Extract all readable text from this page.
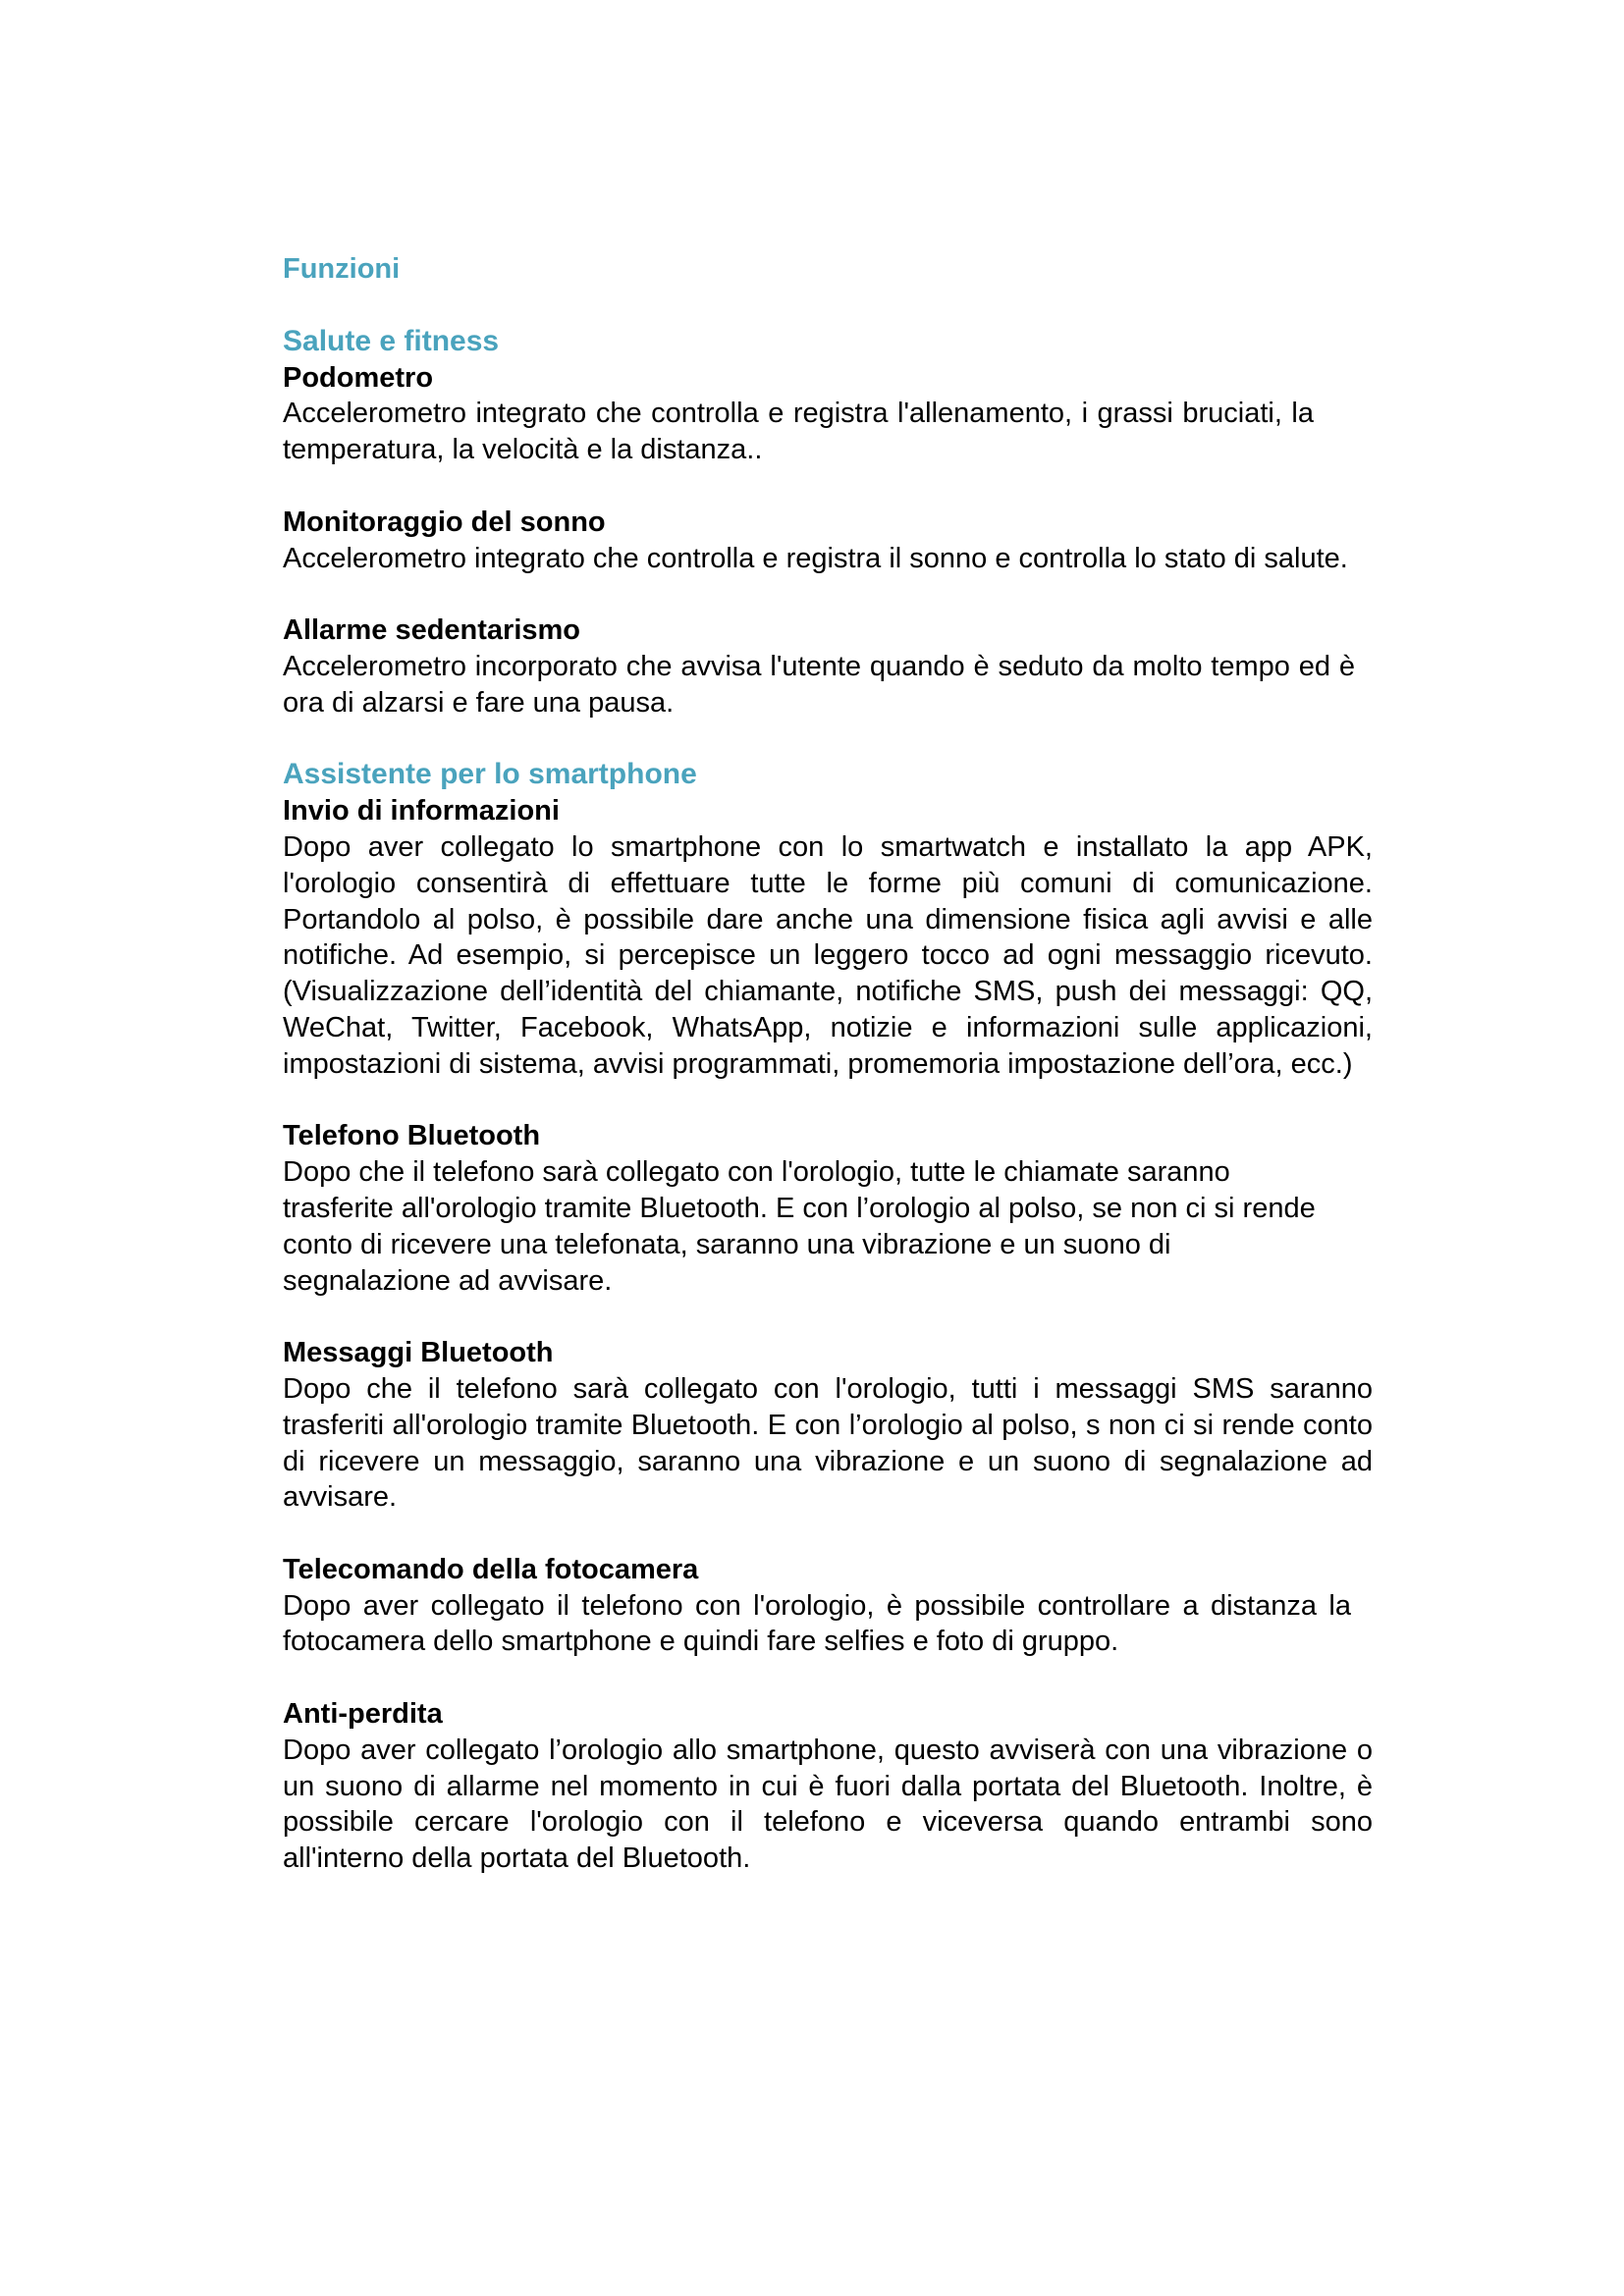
Funzioni
Salute e fitness

Podometro

Accelerometro integrato che controlla e registra l'allenamento, i grassi bruciati, la temperatura, la velocità e la distanza..

Monitoraggio del sonno

Accelerometro integrato che controlla e registra il sonno e controlla lo stato di salute.

Allarme sedentarismo

Accelerometro incorporato che avvisa l'utente quando è seduto da molto tempo ed è ora di alzarsi e fare una pausa.

Assistente per lo smartphone

Invio di informazioni

Dopo aver collegato lo smartphone con lo smartwatch e installato la app APK, l'orologio consentirà di effettuare tutte le forme più comuni di comunicazione. Portandolo al polso, è possibile dare anche una dimensione fisica agli avvisi e alle notifiche. Ad esempio, si percepisce un leggero tocco ad ogni messaggio ricevuto. (Visualizzazione dell’identità del chiamante, notifiche SMS, push dei messaggi: QQ, WeChat, Twitter, Facebook, WhatsApp, notizie e informazioni sulle applicazioni, impostazioni di sistema, avvisi programmati, promemoria impostazione dell’ora, ecc.)

Telefono Bluetooth

Dopo che il telefono sarà collegato con l'orologio, tutte le chiamate saranno trasferite all'orologio tramite Bluetooth. E con l’orologio al polso, se non ci si rende conto di ricevere una telefonata, saranno una vibrazione e un suono di segnalazione ad avvisare.

Messaggi Bluetooth

Dopo che il telefono sarà collegato con l'orologio, tutti i messaggi SMS saranno trasferiti all'orologio tramite Bluetooth. E con l’orologio al polso, s non ci si rende conto di ricevere un messaggio, saranno una vibrazione e un suono di segnalazione ad avvisare.

Telecomando della fotocamera

Dopo aver collegato il telefono con l'orologio, è possibile controllare a distanza la fotocamera dello smartphone e quindi fare selfies e foto di gruppo.

Anti-perdita

Dopo aver collegato l’orologio allo smartphone, questo avviserà con una vibrazione o un suono di allarme nel momento in cui è fuori dalla portata del Bluetooth. Inoltre, è possibile cercare l'orologio con il telefono e viceversa quando entrambi sono all'interno della portata del Bluetooth.
